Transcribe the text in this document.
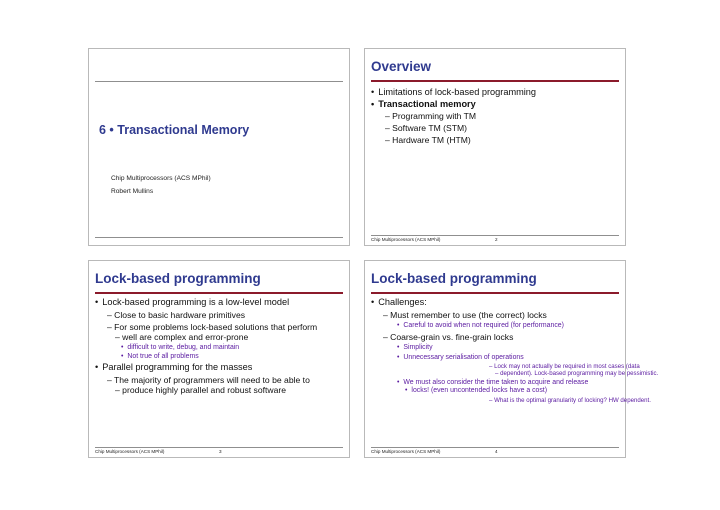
6 • Transactional Memory
Chip Multiprocessors (ACS MPhil)
Robert Mullins
Overview
• Limitations of lock-based programming
• Transactional memory
– Programming with TM
– Software TM (STM)
– Hardware TM (HTM)
Chip Multiprocessors (ACS MPhil)	2
Lock-based programming
• Lock-based programming is a low-level model
– Close to basic hardware primitives
– For some problems lock-based solutions that perform
– well are complex and error-prone
• difficult to write, debug, and maintain
• Not true of all problems
• Parallel programming for the masses
– The majority of programmers will need to be able to
– produce highly parallel and robust software
Chip Multiprocessors (ACS MPhil)	3
Lock-based programming
• Challenges:
– Must remember to use (the correct) locks
• Careful to avoid when not required (for performance)
– Coarse-grain vs. fine-grain locks
• Simplicity
• Unnecessary serialisation of operations
– Lock may not actually be required in most cases (data
– dependent). Lock-based programming may be pessimistic.
• We must also consider the time taken to acquire and release
• locks! (even uncontended locks have a cost)
– What is the optimal granularity of locking? HW dependent.
Chip Multiprocessors (ACS MPhil)	4
